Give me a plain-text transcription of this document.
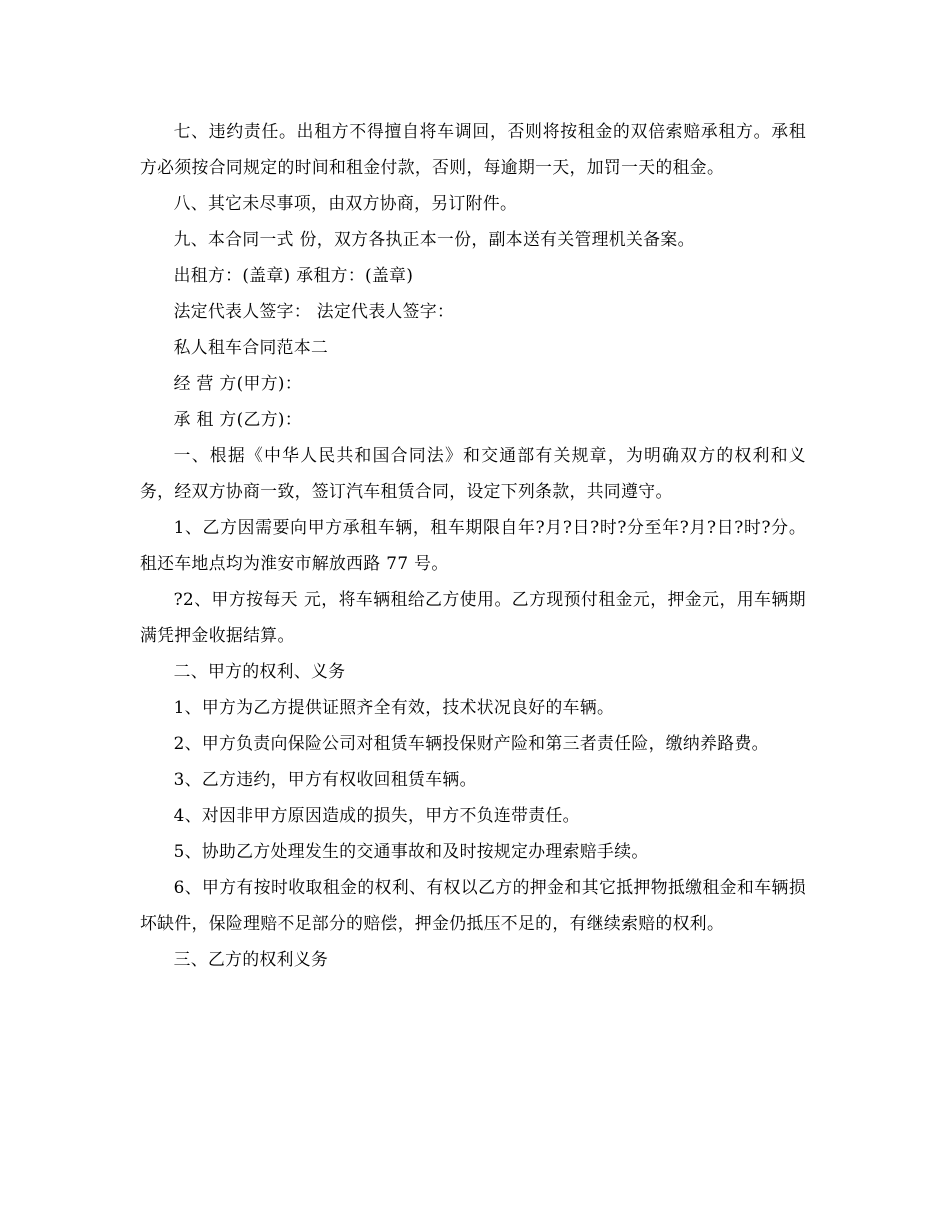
七、违约责任。出租方不得擅自将车调回，否则将按租金的双倍索赔承租方。承租方必须按合同规定的时间和租金付款，否则，每逾期一天，加罚一天的租金。

八、其它未尽事项，由双方协商，另订附件。

九、本合同一式 份，双方各执正本一份，副本送有关管理机关备案。

出租方：(盖章) 承租方：(盖章)

法定代表人签字： 法定代表人签字：

私人租车合同范本二

经 营 方(甲方)：

承 租 方(乙方)：

一、根据《中华人民共和国合同法》和交通部有关规章，为明确双方的权利和义务，经双方协商一致，签订汽车租赁合同，设定下列条款，共同遵守。

1、乙方因需要向甲方承租车辆，租车期限自年?月?日?时?分至年?月?日?时?分。租还车地点均为淮安市解放西路 77 号。

?2、甲方按每天 元，将车辆租给乙方使用。乙方现预付租金元，押金元，用车辆期满凭押金收据结算。

二、甲方的权利、义务

1、甲方为乙方提供证照齐全有效，技术状况良好的车辆。

2、甲方负责向保险公司对租赁车辆投保财产险和第三者责任险，缴纳养路费。

3、乙方违约，甲方有权收回租赁车辆。

4、对因非甲方原因造成的损失，甲方不负连带责任。

5、协助乙方处理发生的交通事故和及时按规定办理索赔手续。

6、甲方有按时收取租金的权利、有权以乙方的押金和其它抵押物抵缴租金和车辆损坏缺件，保险理赔不足部分的赔偿，押金仍抵压不足的，有继续索赔的权利。

三、乙方的权利义务
